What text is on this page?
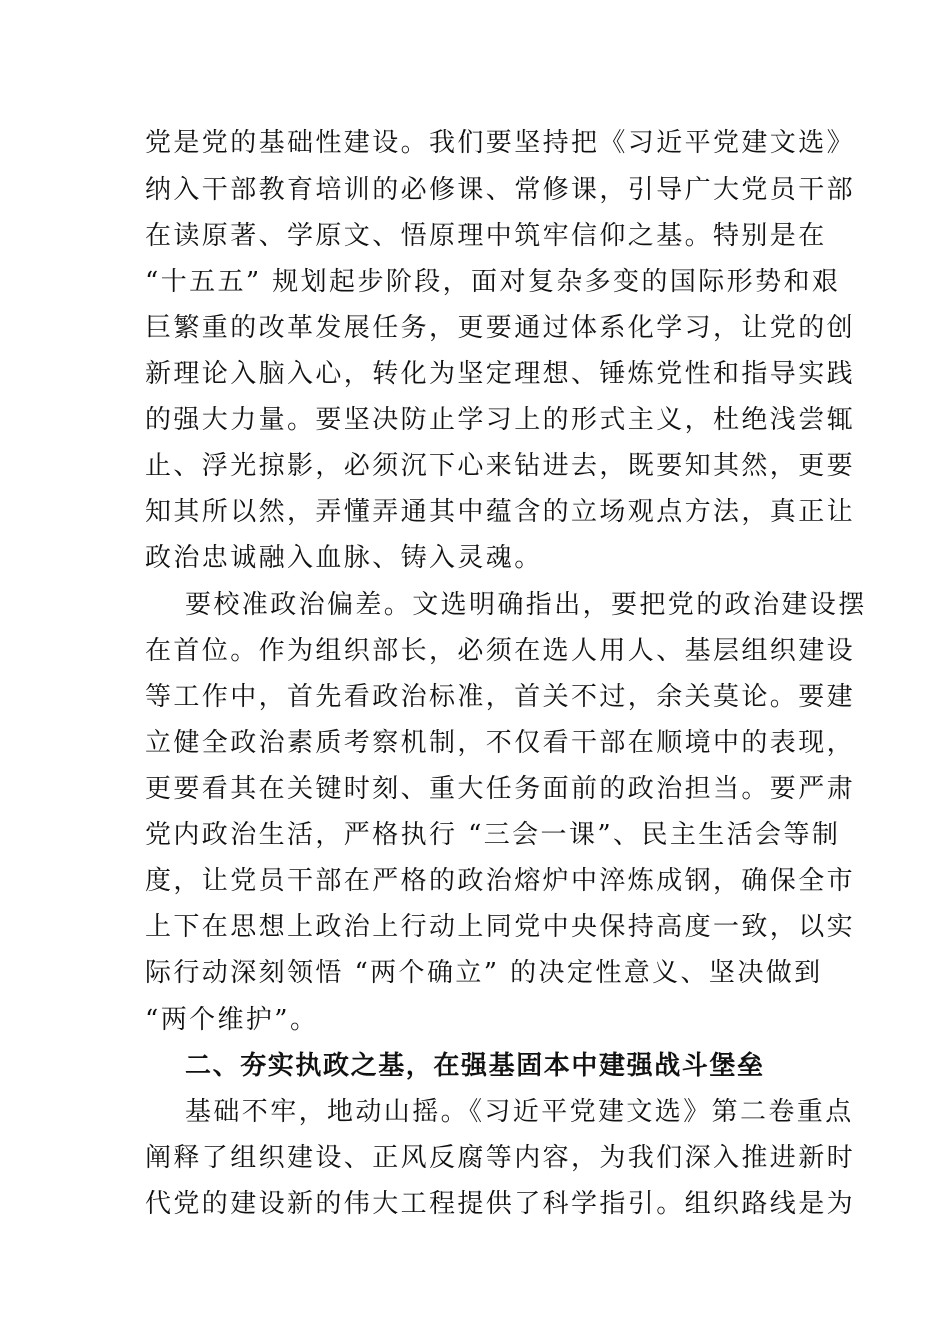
党是党的基础性建设。我们要坚持把《习近平党建文选》
纳入干部教育培训的必修课、常修课，引导广大党员干部
在读原著、学原文、悟原理中筑牢信仰之基。特别是在
“十五五” 规划起步阶段，面对复杂多变的国际形势和艰
巨繁重的改革发展任务，更要通过体系化学习，让党的创
新理论入脑入心，转化为坚定理想、锤炼党性和指导实践
的强大力量。要坚决防止学习上的形式主义，杜绝浅尝辄
止、浮光掠影，必须沉下心来钻进去，既要知其然，更要
知其所以然，弄懂弄通其中蕴含的立场观点方法，真正让
政治忠诚融入血脉、铸入灵魂。
要校准政治偏差。文选明确指出，要把党的政治建设摆
在首位。作为组织部长，必须在选人用人、基层组织建设
等工作中，首先看政治标准，首关不过，余关莫论。要建
立健全政治素质考察机制，不仅看干部在顺境中的表现，
更要看其在关键时刻、重大任务面前的政治担当。要严肃
党内政治生活，严格执行 “三会一课”、民主生活会等制
度，让党员干部在严格的政治熔炉中淬炼成钢，确保全市
上下在思想上政治上行动上同党中央保持高度一致，以实
际行动深刻领悟 “两个确立” 的决定性意义、坚决做到
“两个维护”。
二、夯实执政之基，在强基固本中建强战斗堡垒
基础不牢，地动山摇。《习近平党建文选》第二卷重点
阐释了组织建设、正风反腐等内容，为我们深入推进新时
代党的建设新的伟大工程提供了科学指引。组织路线是为
